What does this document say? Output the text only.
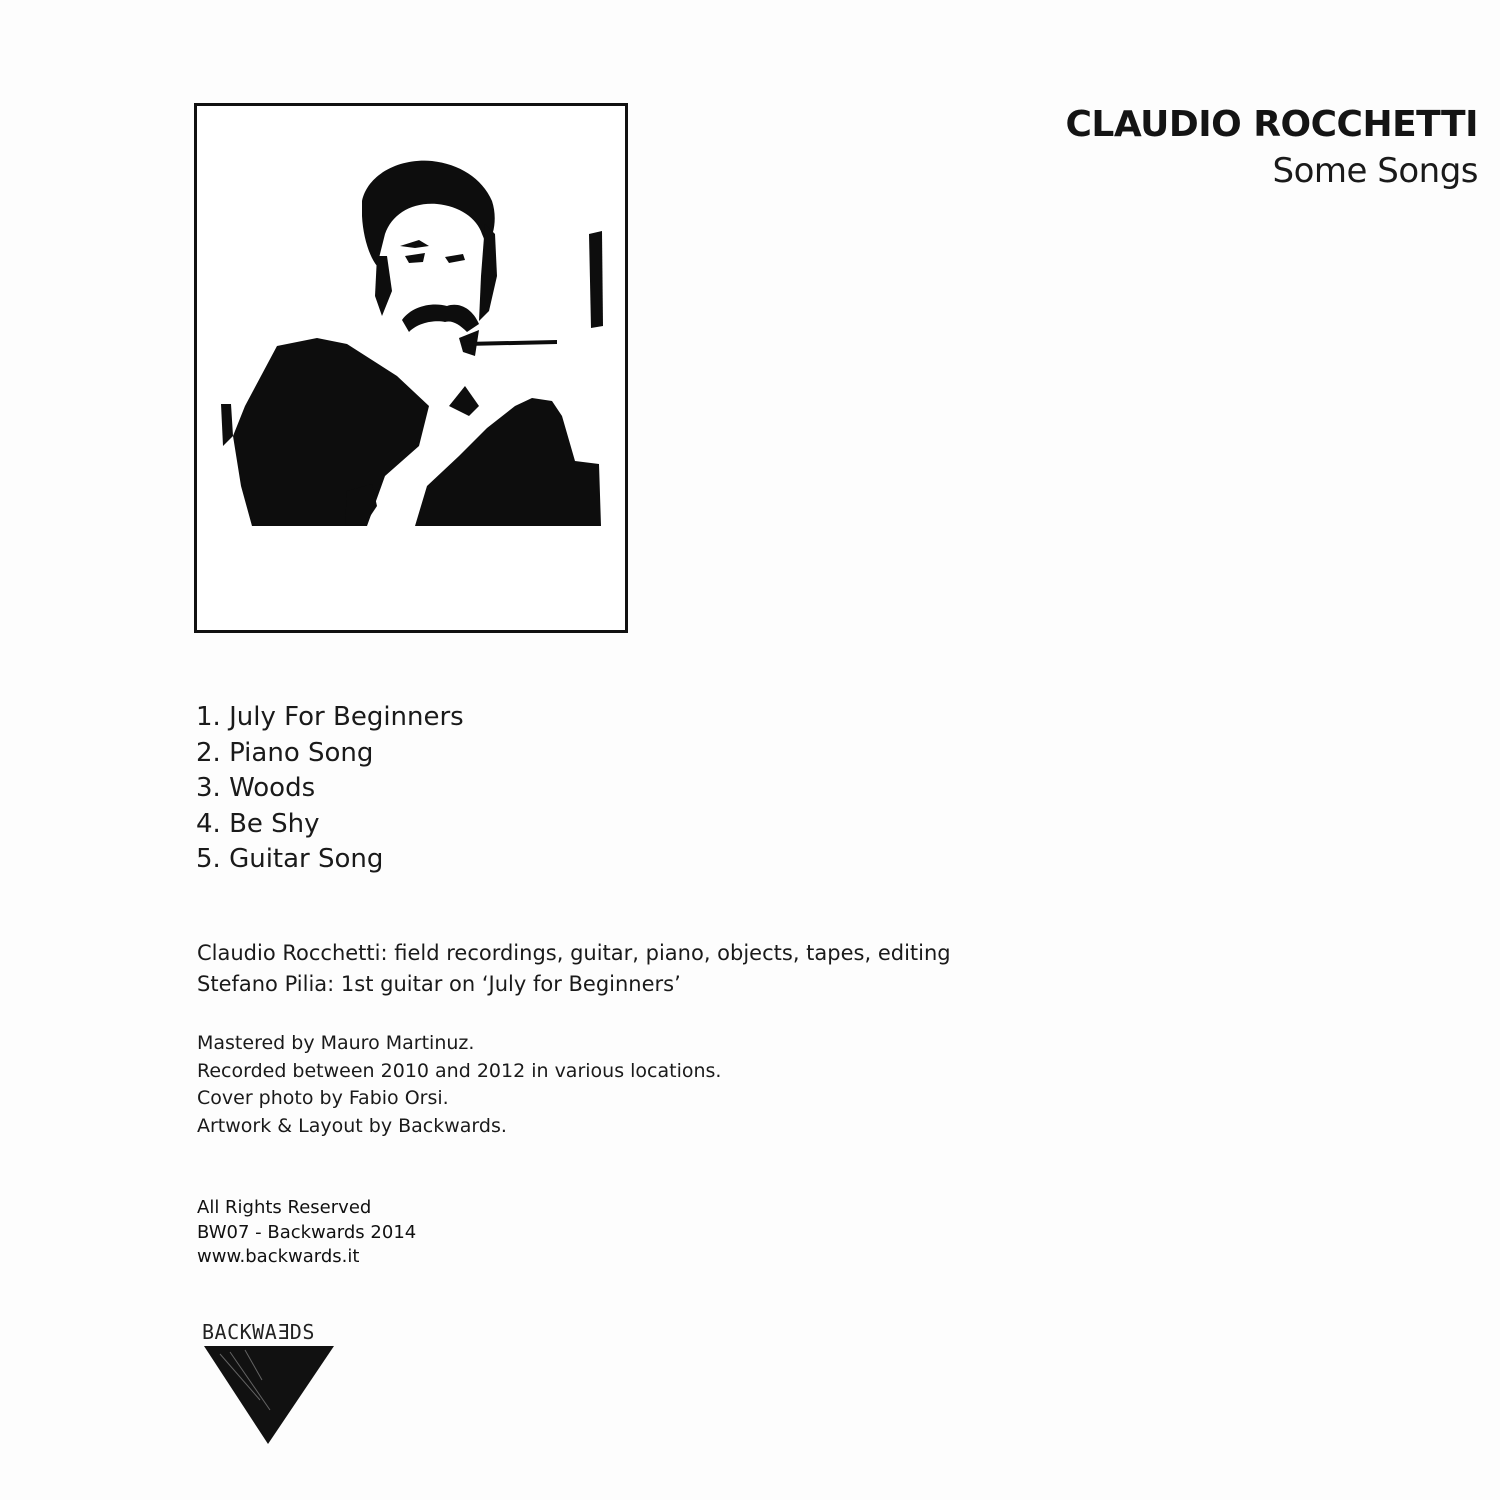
CLAUDIO ROCCHETTI
Some Songs
1. July For Beginners
2. Piano Song
3. Woods
4. Be Shy
5. Guitar Song
Claudio Rocchetti: field recordings, guitar, piano, objects, tapes, editing
Stefano Pilia: 1st guitar on ‘July for Beginners’
Mastered by Mauro Martinuz.
Recorded between 2010 and 2012 in various locations.
Cover photo by Fabio Orsi.
Artwork & Layout by Backwards.
All Rights Reserved
BW07 - Backwards 2014
www.backwards.it
BACKWAƎDS
